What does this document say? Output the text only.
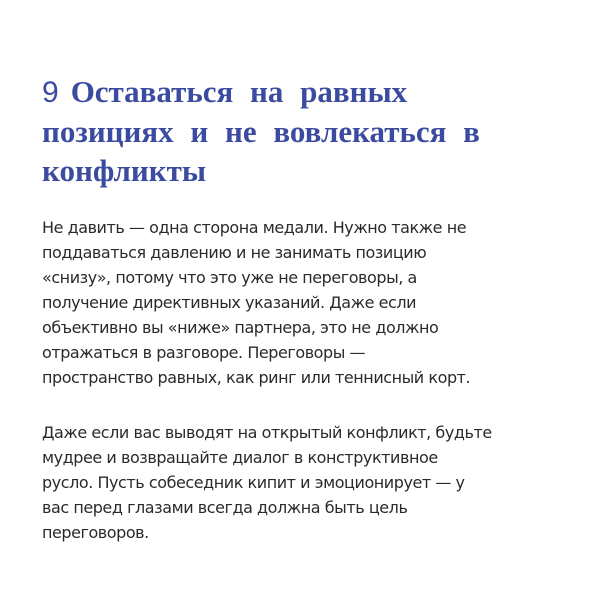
9 Оставаться на равных
позициях и не вовлекаться в
конфликты

Не давить — одна сторона медали. Нужно также не
поддаваться давлению и не занимать позицию
«снизу», потому что это уже не переговоры, а
получение директивных указаний. Даже если
объективно вы «ниже» партнера, это не должно
отражаться в разговоре. Переговоры —
пространство равных, как ринг или теннисный корт.

Даже если вас выводят на открытый конфликт, будьте
мудрее и возвращайте диалог в конструктивное
русло. Пусть собеседник кипит и эмоционирует — у
вас перед глазами всегда должна быть цель
переговоров.
